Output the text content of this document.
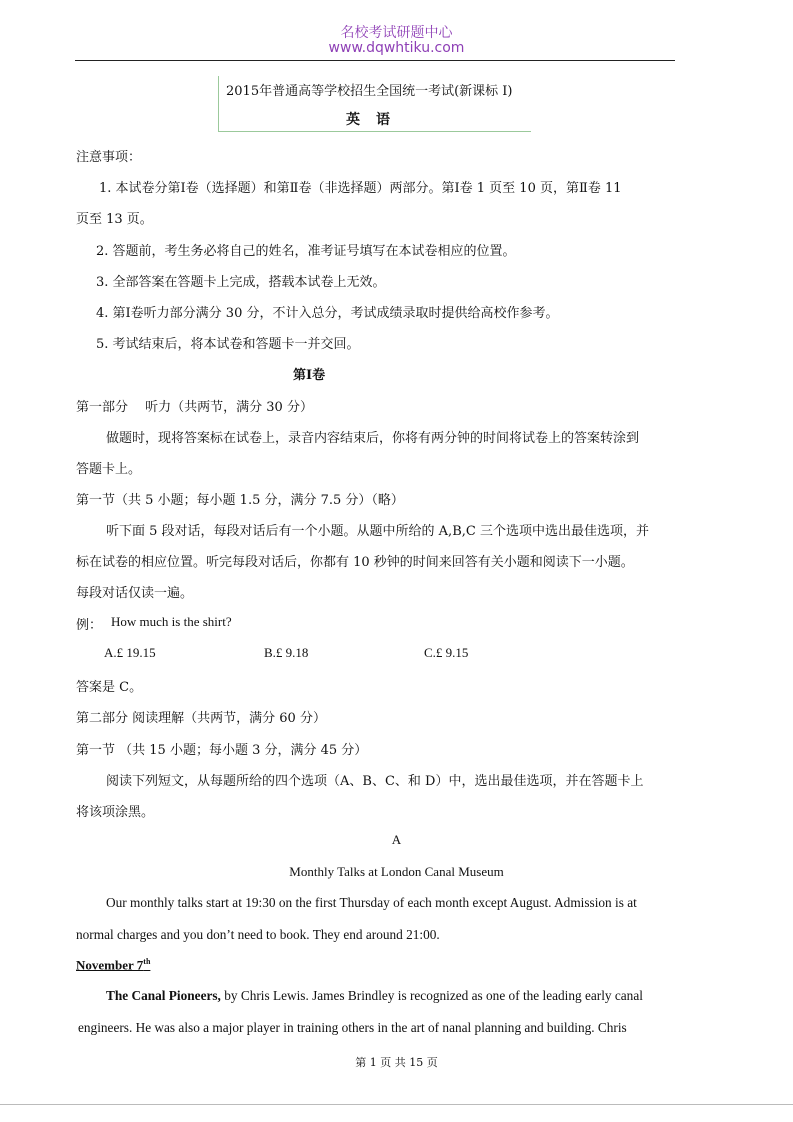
名校考试研题中心
www.dqwhtiku.com
2015年普通高等学校招生全国统一考试(新课标 I)
英　语
注意事项：
1. 本试卷分第Ⅰ卷（选择题）和第Ⅱ卷（非选择题）两部分。第Ⅰ卷 1 页至 10 页，第Ⅱ卷 11
页至 13 页。
2. 答题前，考生务必将自己的姓名，准考证号填写在本试卷相应的位置。
3. 全部答案在答题卡上完成，搭载本试卷上无效。
4. 第Ⅰ卷听力部分满分 30 分，不计入总分，考试成绩录取时提供给高校作参考。
5. 考试结束后，将本试卷和答题卡一并交回。
第Ⅰ卷
第一部分　 听力（共两节，满分 30 分）
做题时，现将答案标在试卷上，录音内容结束后，你将有两分钟的时间将试卷上的答案转涂到
答题卡上。
第一节（共 5 小题；每小题 1.5 分，满分 7.5 分）（略）
听下面 5 段对话，每段对话后有一个小题。从题中所给的 A,B,C 三个选项中选出最佳选项，并
标在试卷的相应位置。听完每段对话后，你都有 10 秒钟的时间来回答有关小题和阅读下一小题。
每段对话仅读一遍。
例： How much is the shirt?
A.£ 19.15	B.£ 9.18	C.£ 9.15
答案是 C。
第二部分 阅读理解（共两节，满分 60 分）
第一节 （共 15 小题；每小题 3 分，满分 45 分）
阅读下列短文，从每题所给的四个选项（A、B、C、和 D）中，选出最佳选项，并在答题卡上
将该项涂黑。
A
Monthly Talks at London Canal Museum
Our monthly talks start at 19:30 on the first Thursday of each month except August. Admission is at
normal charges and you don’t need to book. They end around 21:00.
November 7th
The Canal Pioneers, by Chris Lewis. James Brindley is recognized as one of the leading early canal
engineers. He was also a major player in training others in the art of nanal planning and building. Chris
第 1 页 共 15 页
